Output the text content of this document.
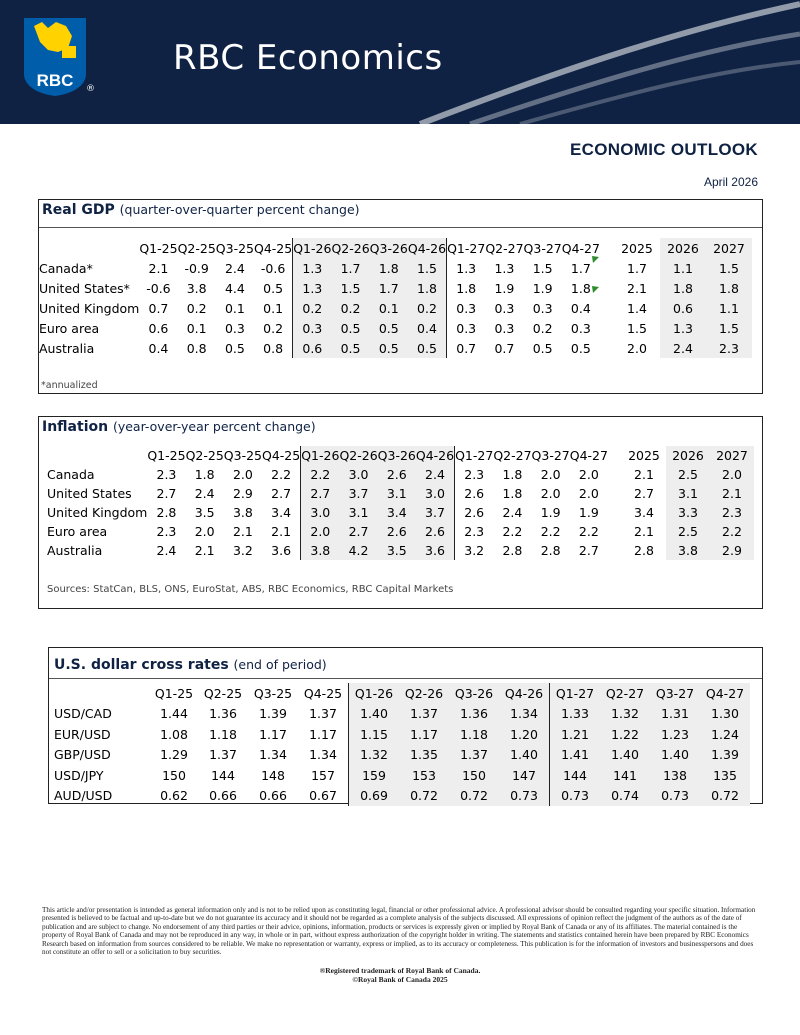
RBC ®
RBC Economics
ECONOMIC OUTLOOK
April 2026
Real GDP (quarter-over-quarter percent change)
	Q1-25	Q2-25	Q3-25	Q4-25	Q1-26	Q2-26	Q3-26	Q4-26	Q1-27	Q2-27	Q3-27	Q4-27		2025	2026	2027
Canada*	2.1	-0.9	2.4	-0.6	1.3	1.7	1.8	1.5	1.3	1.3	1.5	1.7		1.7	1.1	1.5
United States*	-0.6	3.8	4.4	0.5	1.3	1.5	1.7	1.8	1.8	1.9	1.9	1.8		2.1	1.8	1.8
United Kingdom	0.7	0.2	0.1	0.1	0.2	0.2	0.1	0.2	0.3	0.3	0.3	0.4		1.4	0.6	1.1
Euro area	0.6	0.1	0.3	0.2	0.3	0.5	0.5	0.4	0.3	0.3	0.2	0.3		1.5	1.3	1.5
Australia	0.4	0.8	0.5	0.8	0.6	0.5	0.5	0.5	0.7	0.7	0.5	0.5		2.0	2.4	2.3
*annualized
Inflation (year-over-year percent change)
	Q1-25	Q2-25	Q3-25	Q4-25	Q1-26	Q2-26	Q3-26	Q4-26	Q1-27	Q2-27	Q3-27	Q4-27		2025	2026	2027
Canada	2.3	1.8	2.0	2.2	2.2	3.0	2.6	2.4	2.3	1.8	2.0	2.0		2.1	2.5	2.0
United States	2.7	2.4	2.9	2.7	2.7	3.7	3.1	3.0	2.6	1.8	2.0	2.0		2.7	3.1	2.1
United Kingdom	2.8	3.5	3.8	3.4	3.0	3.1	3.4	3.7	2.6	2.4	1.9	1.9		3.4	3.3	2.3
Euro area	2.3	2.0	2.1	2.1	2.0	2.7	2.6	2.6	2.3	2.2	2.2	2.2		2.1	2.5	2.2
Australia	2.4	2.1	3.2	3.6	3.8	4.2	3.5	3.6	3.2	2.8	2.8	2.7		2.8	3.8	2.9
Sources: StatCan, BLS, ONS, EuroStat, ABS, RBC Economics, RBC Capital Markets
U.S. dollar cross rates (end of period)
	Q1-25	Q2-25	Q3-25	Q4-25	Q1-26	Q2-26	Q3-26	Q4-26	Q1-27	Q2-27	Q3-27	Q4-27
USD/CAD	1.44	1.36	1.39	1.37	1.40	1.37	1.36	1.34	1.33	1.32	1.31	1.30
EUR/USD	1.08	1.18	1.17	1.17	1.15	1.17	1.18	1.20	1.21	1.22	1.23	1.24
GBP/USD	1.29	1.37	1.34	1.34	1.32	1.35	1.37	1.40	1.41	1.40	1.40	1.39
USD/JPY	150	144	148	157	159	153	150	147	144	141	138	135
AUD/USD	0.62	0.66	0.66	0.67	0.69	0.72	0.72	0.73	0.73	0.74	0.73	0.72
This article and/or presentation is intended as general information only and is not to be relied upon as constituting legal, financial or other professional advice. A professional advisor should be consulted regarding your specific situation. Information presented is believed to be factual and up-to-date but we do not guarantee its accuracy and it should not be regarded as a complete analysis of the subjects discussed. All expressions of opinion reflect the judgment of the authors as of the date of publication and are subject to change. No endorsement of any third parties or their advice, opinions, information, products or services is expressly given or implied by Royal Bank of Canada or any of its affiliates. The material contained is the property of Royal Bank of Canada and may not be reproduced in any way, in whole or in part, without express authorization of the copyright holder in writing. The statements and statistics contained herein have been prepared by RBC Economics Research based on information from sources considered to be reliable. We make no representation or warranty, express or implied, as to its accuracy or completeness. This publication is for the information of investors and businesspersons and does not constitute an offer to sell or a solicitation to buy securities.
®Registered trademark of Royal Bank of Canada.
©Royal Bank of Canada 2025
